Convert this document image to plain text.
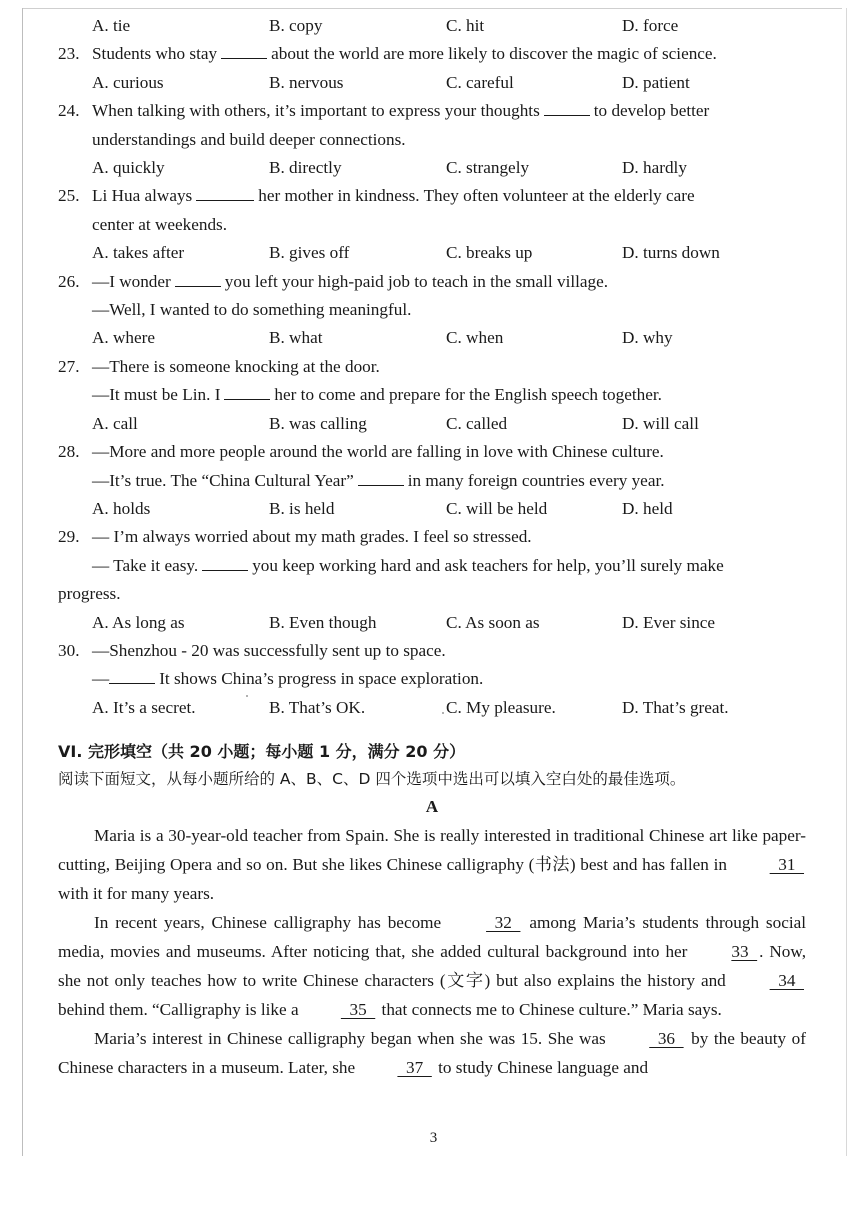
A. tie	B. copy	C. hit	D. force
23. Students who stay	about the world are more likely to discover the magic of science.
A. curious	B. nervous	C. careful	D. patient
24. When talking with others, it’s important to express your thoughts	to develop better
understandings and build deeper connections.
A. quickly	B. directly	C. strangely	D. hardly
25. Li Hua always	her mother in kindness. They often volunteer at the elderly care
center at weekends.
A. takes after	B. gives off	C. breaks up	D. turns down
26. —I wonder	you left your high-paid job to teach in the small village.
—Well, I wanted to do something meaningful.
A. where	B. what	C. when	D. why
27. —There is someone knocking at the door.
—It must be Lin. I	her to come and prepare for the English speech together.
A. call	B. was calling	C. called	D. will call
28. —More and more people around the world are falling in love with Chinese culture.
—It’s true. The “China Cultural Year”	in many foreign countries every year.
A. holds	B. is held	C. will be held	D. held
29. — I’m always worried about my math grades. I feel so stressed.
— Take it easy.	you keep working hard and ask teachers for help, you’ll surely make
progress.
A. As long as	B. Even though	C. As soon as	D. Ever since
30. —Shenzhou - 20 was successfully sent up to space.
—	It shows China’s progress in space exploration.
A. It’s a secret.	B. That’s OK.	C. My pleasure.	D. That’s great.
VI. 完形填空（共 20 小题；每小题 1 分，满分 20 分）
阅读下面短文，从每小题所给的 A、B、C、D 四个选项中选出可以填入空白处的最佳选项。
A
Maria is a 30-year-old teacher from Spain. She is really interested in traditional Chinese art like paper-cutting, Beijing Opera and so on. But she likes Chinese calligraphy (书法) best and has fallen in   31   with it for many years.
In recent years, Chinese calligraphy has become	32   among Maria’s students through social media, movies and museums. After noticing that, she added cultural background into her	33  . Now, she not only teaches how to write Chinese characters (文字) but also explains the history and	34   behind them. “Calligraphy is like a   35   that connects me to Chinese culture.” Maria says.
Maria’s interest in Chinese calligraphy began when she was 15. She was	36   by the beauty of Chinese characters in a museum. Later, she   37   to study Chinese language and
3
